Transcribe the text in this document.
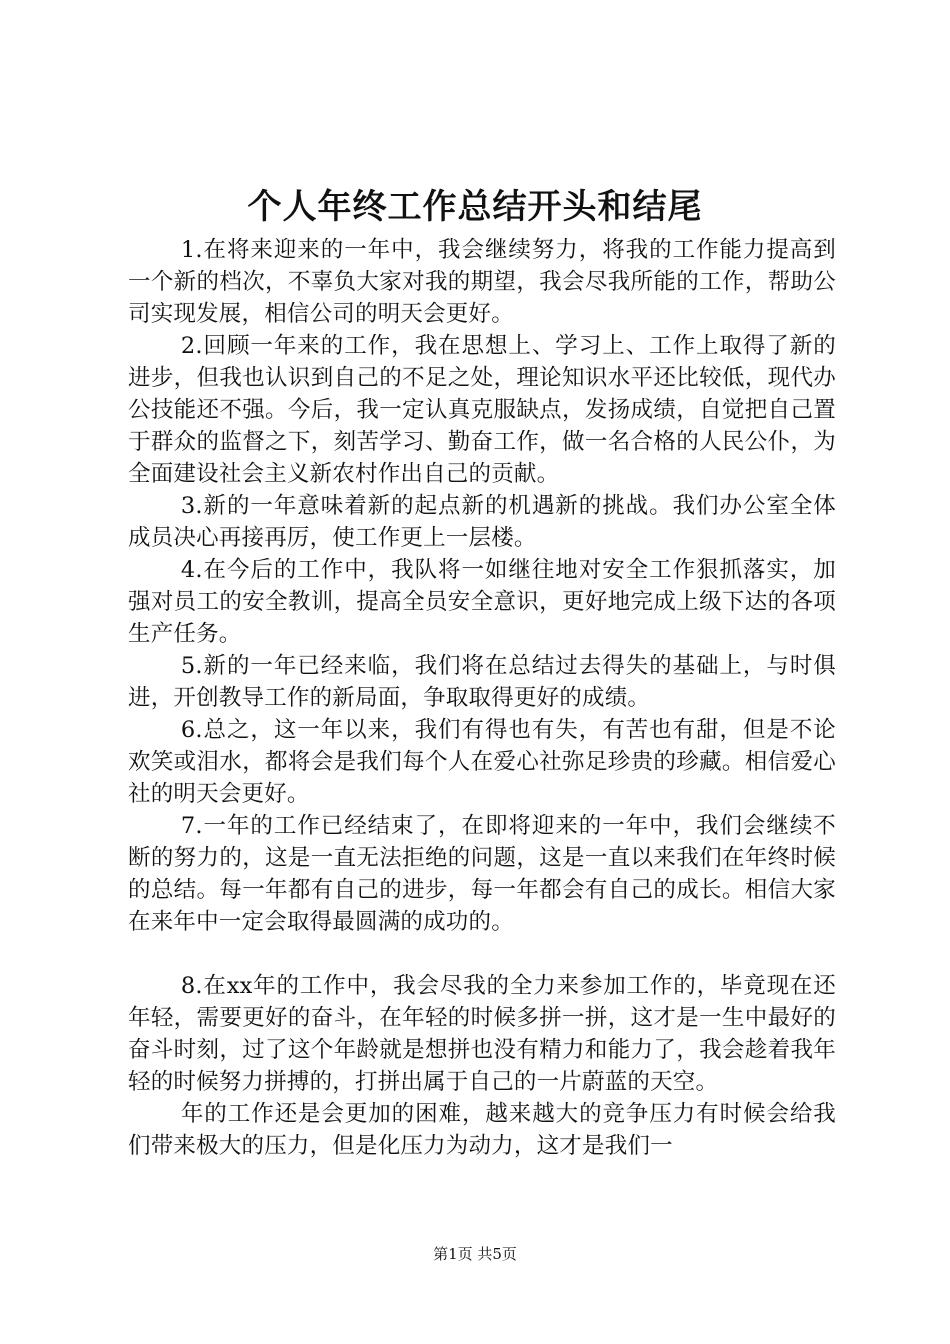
个人年终工作总结开头和结尾

1.在将来迎来的一年中，我会继续努力，将我的工作能力提高到一个新的档次，不辜负大家对我的期望，我会尽我所能的工作，帮助公司实现发展，相信公司的明天会更好。

2.回顾一年来的工作，我在思想上、学习上、工作上取得了新的进步，但我也认识到自己的不足之处，理论知识水平还比较低，现代办公技能还不强。今后，我一定认真克服缺点，发扬成绩，自觉把自己置于群众的监督之下，刻苦学习、勤奋工作，做一名合格的人民公仆，为全面建设社会主义新农村作出自己的贡献。

3.新的一年意味着新的起点新的机遇新的挑战。我们办公室全体成员决心再接再厉，使工作更上一层楼。

4.在今后的工作中，我队将一如继往地对安全工作狠抓落实，加强对员工的安全教训，提高全员安全意识，更好地完成上级下达的各项生产任务。

5.新的一年已经来临，我们将在总结过去得失的基础上，与时俱进，开创教导工作的新局面，争取取得更好的成绩。

6.总之，这一年以来，我们有得也有失，有苦也有甜，但是不论欢笑或泪水，都将会是我们每个人在爱心社弥足珍贵的珍藏。相信爱心社的明天会更好。

7.一年的工作已经结束了，在即将迎来的一年中，我们会继续不断的努力的，这是一直无法拒绝的问题，这是一直以来我们在年终时候的总结。每一年都有自己的进步，每一年都会有自己的成长。相信大家在来年中一定会取得最圆满的成功的。

8.在xx年的工作中，我会尽我的全力来参加工作的，毕竟现在还年轻，需要更好的奋斗，在年轻的时候多拼一拼，这才是一生中最好的奋斗时刻，过了这个年龄就是想拼也没有精力和能力了，我会趁着我年轻的时候努力拼搏的，打拼出属于自己的一片蔚蓝的天空。

年的工作还是会更加的困难，越来越大的竞争压力有时候会给我们带来极大的压力，但是化压力为动力，这才是我们一

第1页 共5页
